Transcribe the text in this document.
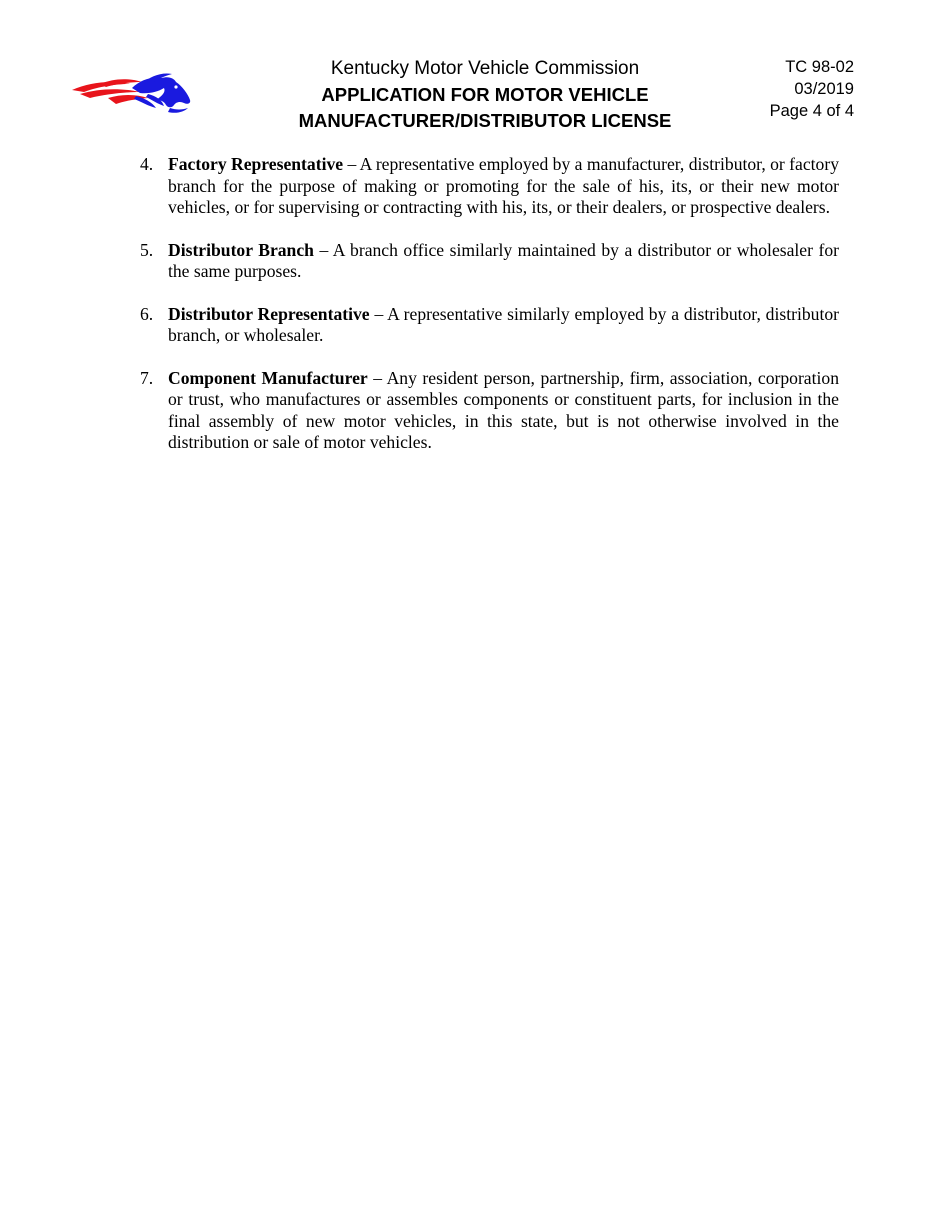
Kentucky Motor Vehicle Commission
APPLICATION FOR MOTOR VEHICLE
MANUFACTURER/DISTRIBUTOR LICENSE
TC 98-02
03/2019
Page 4 of 4
4. Factory Representative – A representative employed by a manufacturer, distributor, or factory branch for the purpose of making or promoting for the sale of his, its, or their new motor vehicles, or for supervising or contracting with his, its, or their dealers, or prospective dealers.
5. Distributor Branch – A branch office similarly maintained by a distributor or wholesaler for the same purposes.
6. Distributor Representative – A representative similarly employed by a distributor, distributor branch, or wholesaler.
7. Component Manufacturer – Any resident person, partnership, firm, association, corporation or trust, who manufactures or assembles components or constituent parts, for inclusion in the final assembly of new motor vehicles, in this state, but is not otherwise involved in the distribution or sale of motor vehicles.
